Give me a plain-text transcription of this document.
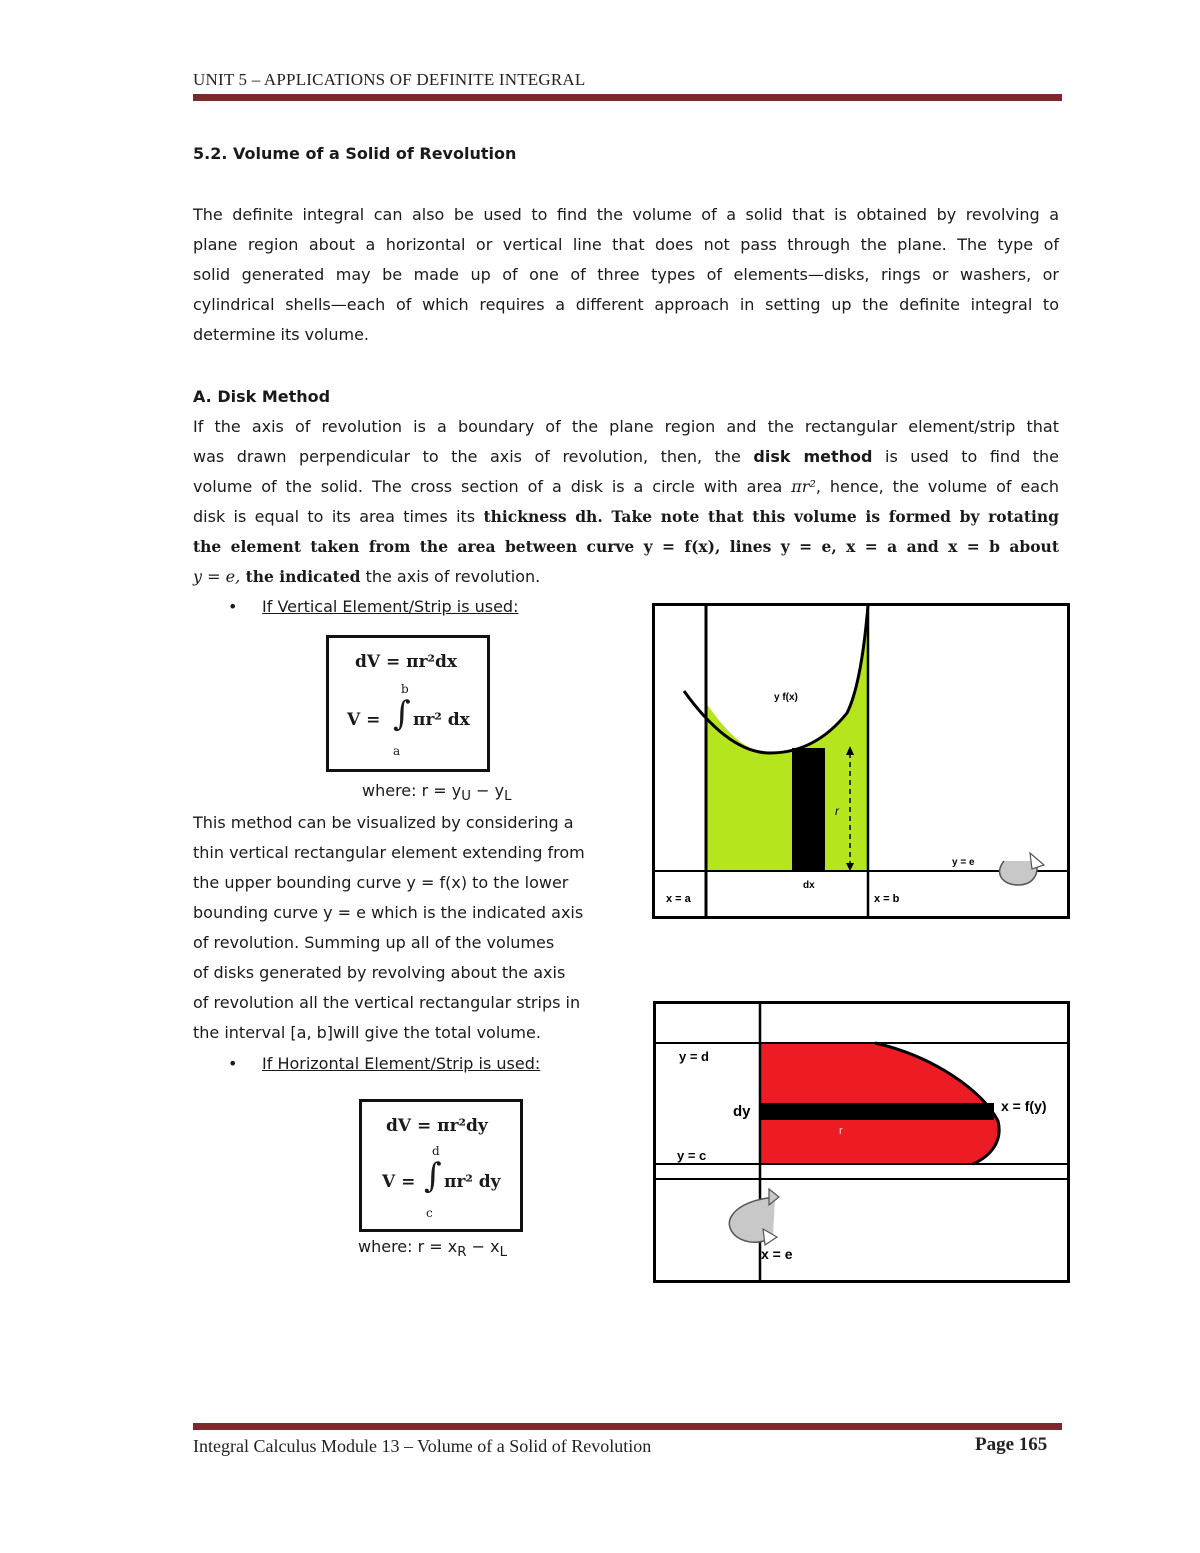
UNIT 5 – APPLICATIONS OF DEFINITE INTEGRAL
5.2. Volume of a Solid of Revolution

The definite integral can also be used to find the volume of a solid that is obtained by revolving a

plane region about a horizontal or vertical line that does not pass through the plane. The type of

solid generated may be made up of one of three types of elements—disks, rings or washers, or

cylindrical shells—each of which requires a different approach in setting up the definite integral to

determine its volume.

A. Disk Method

If the axis of revolution is a boundary of the plane region and the rectangular element/strip that

was drawn perpendicular to the axis of revolution, then, the disk method is used to find the

volume of the solid. The cross section of a disk is a circle with area πr², hence, the volume of each

disk is equal to its area times its thickness dh. Take note that this volume is formed by rotating

the element taken from the area between curve y = f(x), lines y = e, x = a and x = b about

y = e, the indicated the axis of revolution.

• If Vertical Element/Strip is used:
dV = πr²dx
b
V = ∫ πr² dx
a
where: $r = y_U - y_L$
This method can be visualized by considering a
thin vertical rectangular element extending from
the upper bounding curve y = f(x) to the lower
bounding curve y = e which is the indicated axis
of revolution. Summing up all of the volumes
of disks generated by revolving about the axis
of revolution all the vertical rectangular strips in
the interval [a, b]will give the total volume.
• If Horizontal Element/Strip is used:
dV = πr²dy
d
V = ∫ πr² dy
c
where: $r = x_R - x_L$
r
y f(x)
dx
x = a	x = b
y = e
y = d
y = c
dy
r
x = f(y)
x = e
Integral Calculus Module 13 – Volume of a Solid of Revolution	Page 165
